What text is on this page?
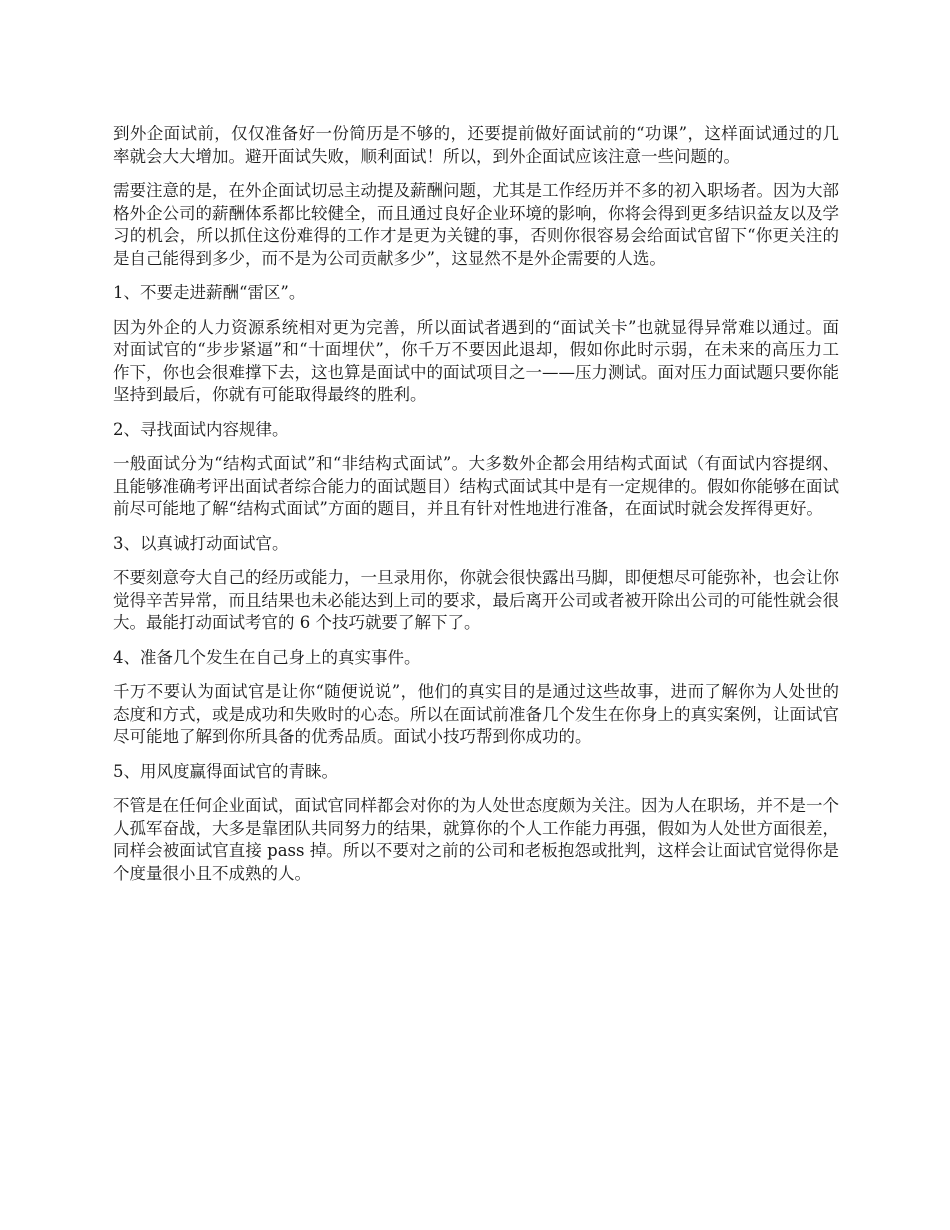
到外企面试前，仅仅准备好一份简历是不够的，还要提前做好面试前的“功课”，这样面试通过的几率就会大大增加。避开面试失败，顺利面试！所以，到外企面试应该注意一些问题的。

需要注意的是，在外企面试切忌主动提及薪酬问题，尤其是工作经历并不多的初入职场者。因为大部格外企公司的薪酬体系都比较健全，而且通过良好企业环境的影响，你将会得到更多结识益友以及学习的机会，所以抓住这份难得的工作才是更为关键的事，否则你很容易会给面试官留下“你更关注的是自己能得到多少，而不是为公司贡献多少”，这显然不是外企需要的人选。

1、不要走进薪酬“雷区”。

因为外企的人力资源系统相对更为完善，所以面试者遇到的“面试关卡”也就显得异常难以通过。面对面试官的“步步紧逼”和“十面埋伏”，你千万不要因此退却，假如你此时示弱，在未来的高压力工作下，你也会很难撑下去，这也算是面试中的面试项目之一——压力测试。面对压力面试题只要你能坚持到最后，你就有可能取得最终的胜利。

2、寻找面试内容规律。

一般面试分为“结构式面试”和“非结构式面试”。大多数外企都会用结构式面试（有面试内容提纲、且能够准确考评出面试者综合能力的面试题目）结构式面试其中是有一定规律的。假如你能够在面试前尽可能地了解“结构式面试”方面的题目，并且有针对性地进行准备，在面试时就会发挥得更好。

3、以真诚打动面试官。

不要刻意夸大自己的经历或能力，一旦录用你，你就会很快露出马脚，即便想尽可能弥补，也会让你觉得辛苦异常，而且结果也未必能达到上司的要求，最后离开公司或者被开除出公司的可能性就会很大。最能打动面试考官的 6 个技巧就要了解下了。

4、准备几个发生在自己身上的真实事件。

千万不要认为面试官是让你“随便说说”，他们的真实目的是通过这些故事，进而了解你为人处世的态度和方式，或是成功和失败时的心态。所以在面试前准备几个发生在你身上的真实案例，让面试官尽可能地了解到你所具备的优秀品质。面试小技巧帮到你成功的。

5、用风度赢得面试官的青睐。

不管是在任何企业面试，面试官同样都会对你的为人处世态度颇为关注。因为人在职场，并不是一个人孤军奋战，大多是靠团队共同努力的结果，就算你的个人工作能力再强，假如为人处世方面很差，同样会被面试官直接 pass 掉。所以不要对之前的公司和老板抱怨或批判，这样会让面试官觉得你是个度量很小且不成熟的人。
